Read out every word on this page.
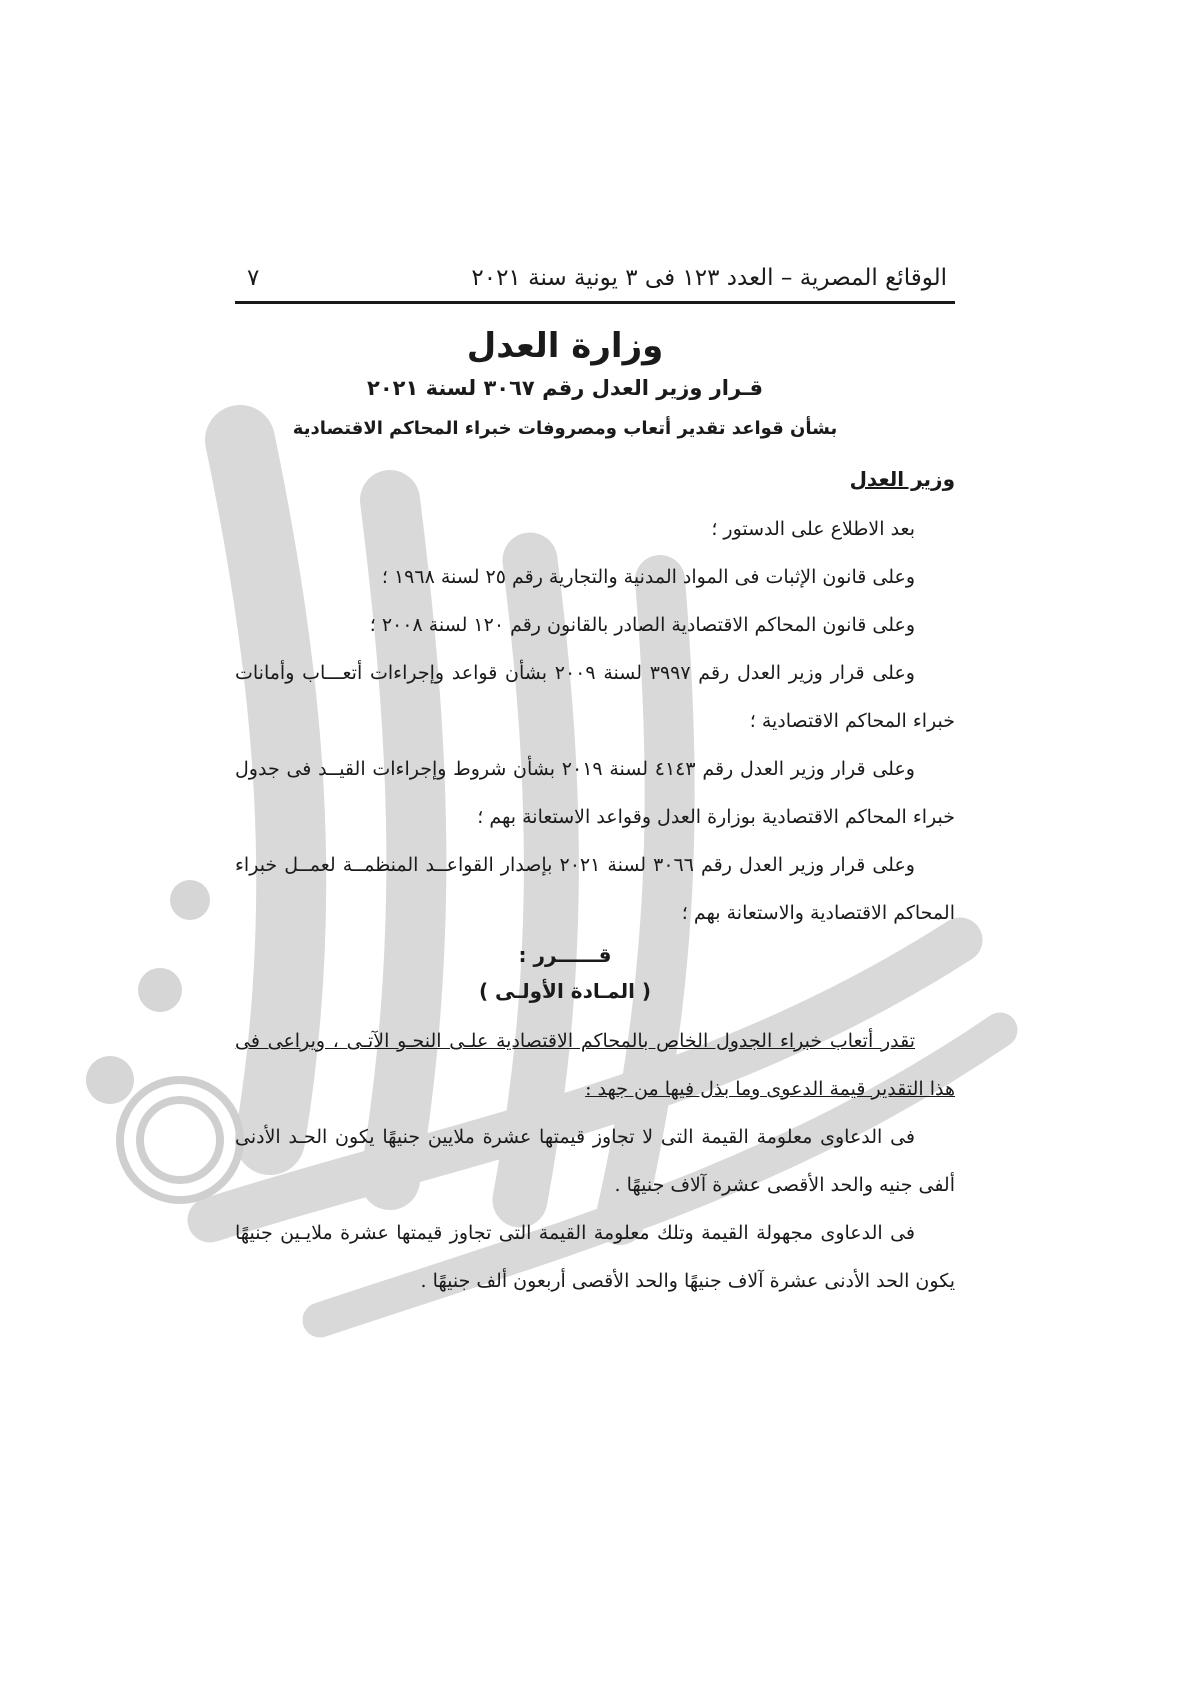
الوقائع المصرية – العدد ١٢٣ فى ٣ يونية سنة ٢٠٢١
٧
وزارة العدل
قـرار وزير العدل رقم ٣٠٦٧ لسنة ٢٠٢١
بشأن قواعد تقدير أتعاب ومصروفات خبراء المحاكم الاقتصادية
وزير العدل

بعد الاطلاع على الدستور ؛

وعلى قانون الإثبات فى المواد المدنية والتجارية رقم ٢٥ لسنة ١٩٦٨ ؛

وعلى قانون المحاكم الاقتصادية الصادر بالقانون رقم ١٢٠ لسنة ٢٠٠٨ ؛

وعلى قرار وزير العدل رقم ٣٩٩٧ لسنة ٢٠٠٩ بشأن قواعد وإجراءات أتعـــاب وأمانات خبراء المحاكم الاقتصادية ؛

وعلى قرار وزير العدل رقم ٤١٤٣ لسنة ٢٠١٩ بشأن شروط وإجراءات القيــد فى جدول خبراء المحاكم الاقتصادية بوزارة العدل وقواعد الاستعانة بهم ؛

وعلى قرار وزير العدل رقم ٣٠٦٦ لسنة ٢٠٢١ بإصدار القواعــد المنظمــة لعمــل خبراء المحاكم الاقتصادية والاستعانة بهم ؛

قــــــرر :
( المـادة الأولـى )

تقدر أتعاب خبراء الجدول الخاص بالمحاكم الاقتصادية علـى النحـو الآتـى ، ويراعى فى هذا التقدير قيمة الدعوى وما بذل فيها من جهد :

فى الدعاوى معلومة القيمة التى لا تجاوز قيمتها عشرة ملايين جنيهًا يكون الحـد الأدنى ألفى جنيه والحد الأقصى عشرة آلاف جنيهًا .

فى الدعاوى مجهولة القيمة وتلك معلومة القيمة التى تجاوز قيمتها عشرة ملايـين جنيهًا يكون الحد الأدنى عشرة آلاف جنيهًا والحد الأقصى أربعون ألف جنيهًا .
